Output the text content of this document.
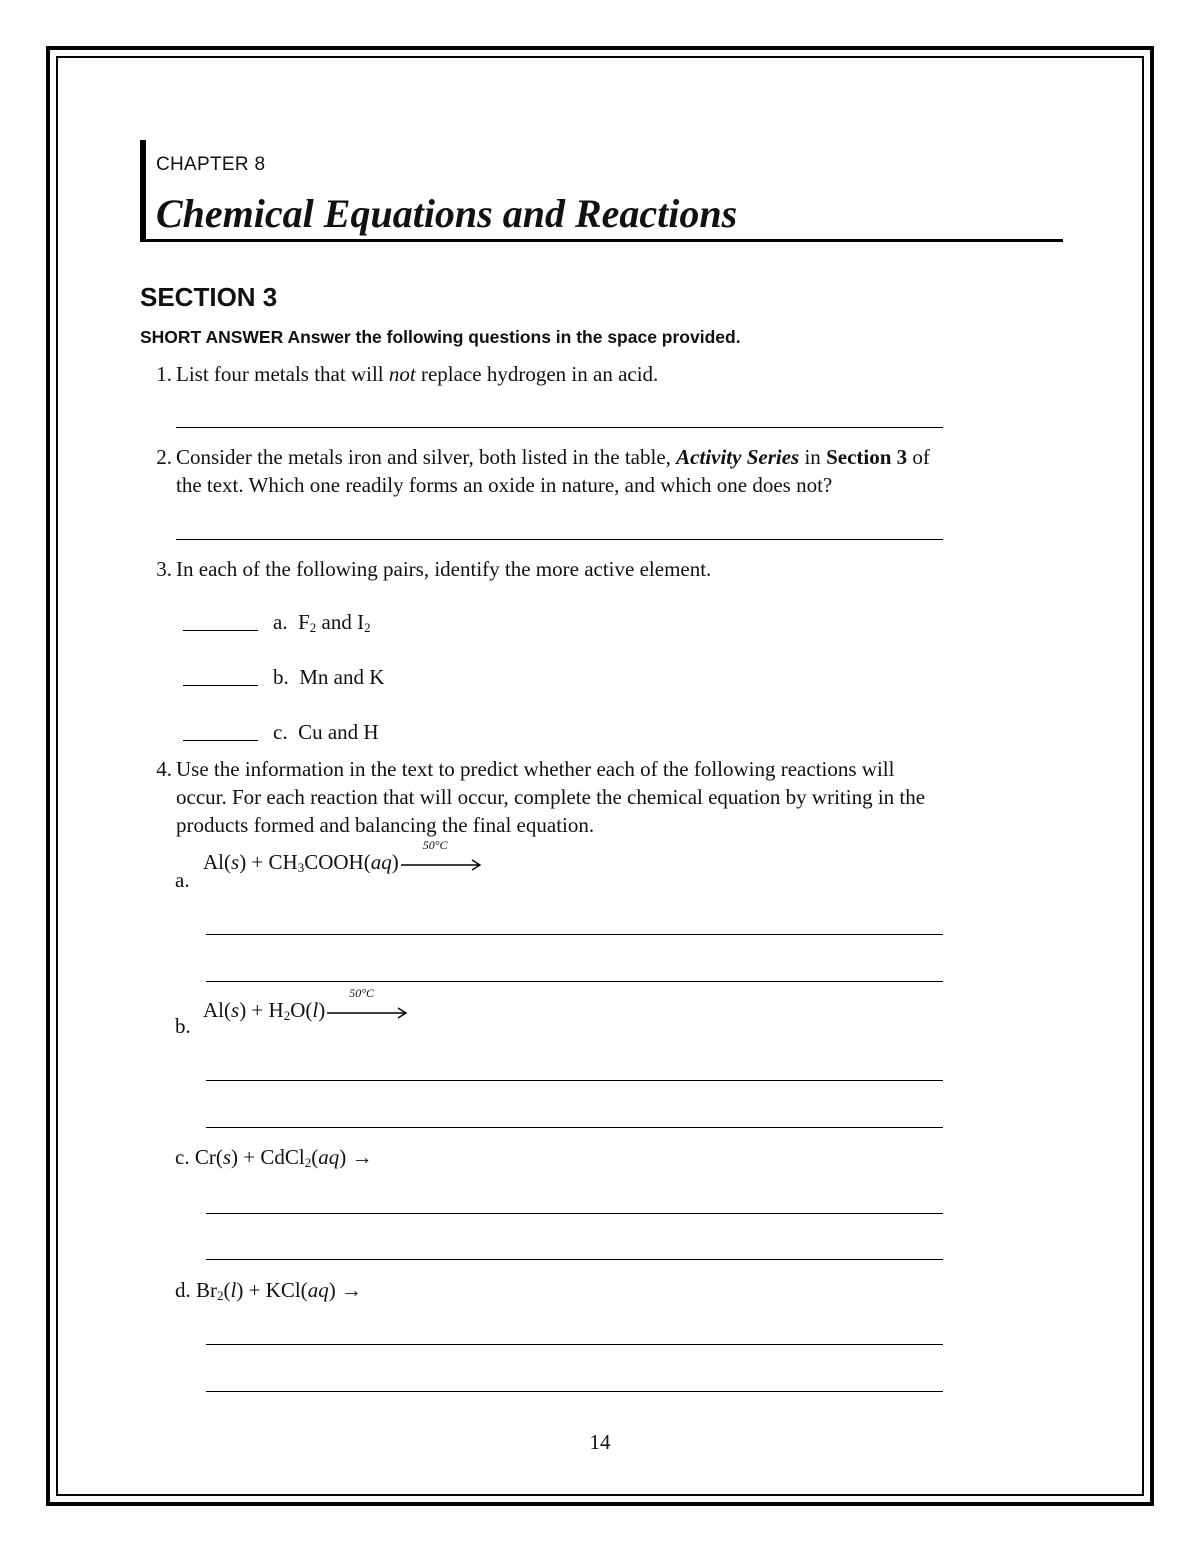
CHAPTER 8
Chemical Equations and Reactions
SECTION 3
SHORT ANSWER Answer the following questions in the space provided.
1. List four metals that will not replace hydrogen in an acid.
2. Consider the metals iron and silver, both listed in the table, Activity Series in Section 3 of
the text. Which one readily forms an oxide in nature, and which one does not?
3. In each of the following pairs, identify the more active element.
a. $F_2$ and $I_2$
b. Mn and K
c. Cu and H
4. Use the information in the text to predict whether each of the following reactions will
occur. For each reaction that will occur, complete the chemical equation by writing in the
products formed and balancing the final equation.
a.
$Al(s) + CH_3COOH(aq)$
50°C
b.
$Al(s) + H_2O(l)$
50°C
c. Cr(s) + CdCl$_2$(aq) →
d. $Br_2(l) + KCl(aq)$ →
14
